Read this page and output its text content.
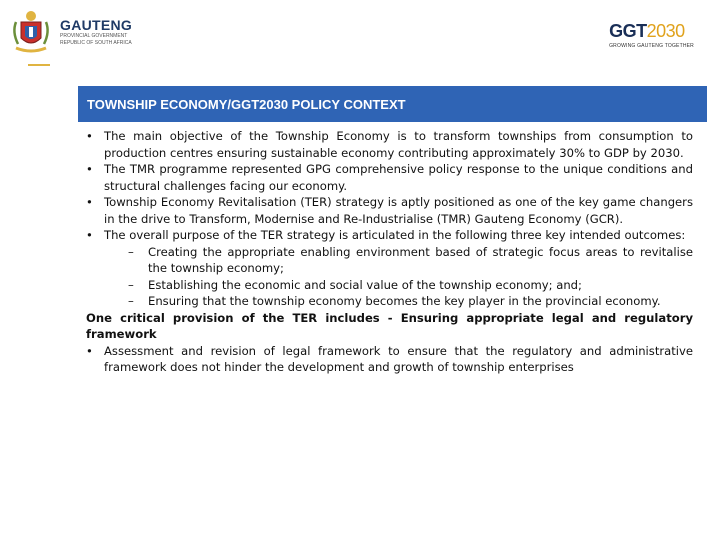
GAUTENG
PROVINCIAL GOVERNMENT
REPUBLIC OF SOUTH AFRICA
GGT2030
GROWING GAUTENG TOGETHER
TOWNSHIP ECONOMY/GGT2030 POLICY CONTEXT

• The main objective of the Township Economy is to transform townships from consumption to production centres ensuring sustainable economy contributing approximately 30% to GDP by 2030.

• The TMR programme represented GPG comprehensive policy response to the unique conditions and structural challenges facing our economy.

• Township Economy Revitalisation (TER) strategy is aptly positioned as one of the key game changers in the drive to Transform, Modernise and Re-Industrialise (TMR) Gauteng Economy (GCR).

• The overall purpose of the TER strategy is articulated in the following three key intended outcomes:

– Creating the appropriate enabling environment based of strategic focus areas to revitalise the township economy;

– Establishing the economic and social value of the township economy; and;

– Ensuring that the township economy becomes the key player in the provincial economy.

One critical provision of the TER includes - Ensuring appropriate legal and regulatory framework

• Assessment and revision of legal framework to ensure that the regulatory and administrative framework does not hinder the development and growth of township enterprises
